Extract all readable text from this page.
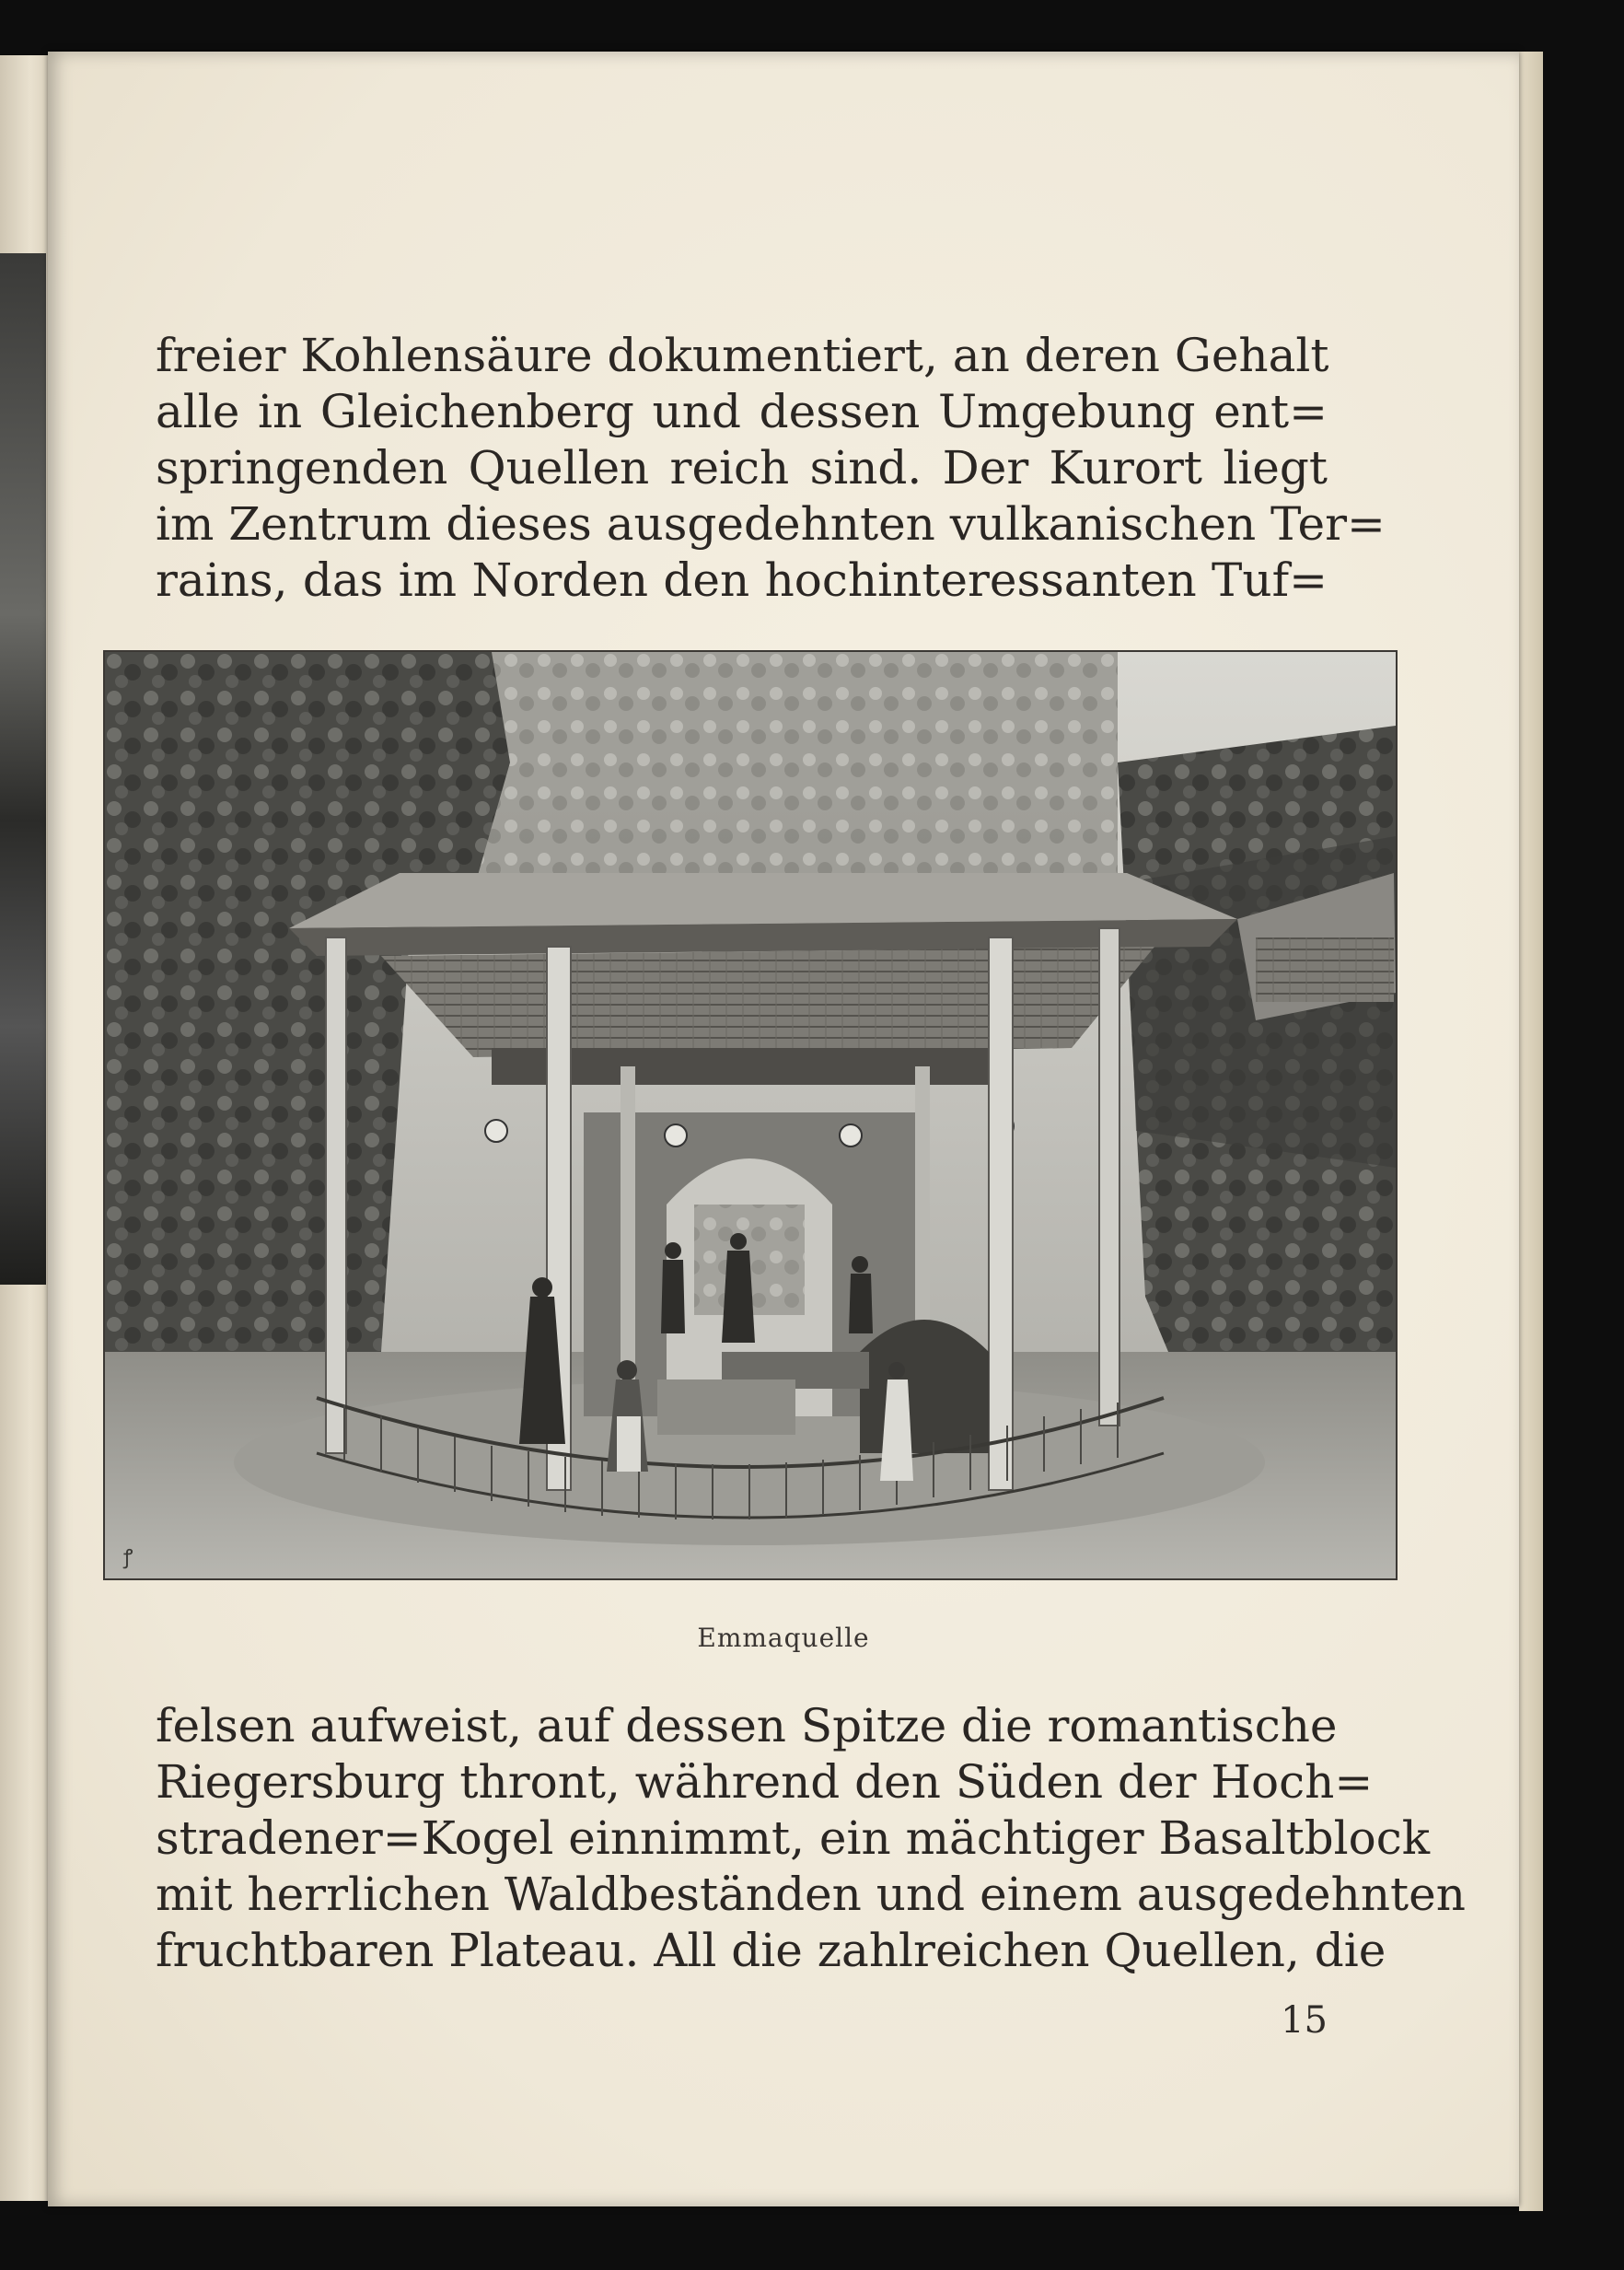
freier Kohlensäure dokumentiert, an deren Gehalt
alle in Gleichenberg und dessen Umgebung ent=
springenden Quellen reich sind. Der Kurort liegt
im Zentrum dieses ausgedehnten vulkanischen Ter=
rains, das im Norden den hochinteressanten Tuf=
ꝭ
Emmaquelle
felsen aufweist, auf dessen Spitze die romantische
Riegersburg thront, während den Süden der Hoch=
stradener=Kogel einnimmt, ein mächtiger Basaltblock
mit herrlichen Waldbeständen und einem ausgedehnten
fruchtbaren Plateau. All die zahlreichen Quellen, die
15
